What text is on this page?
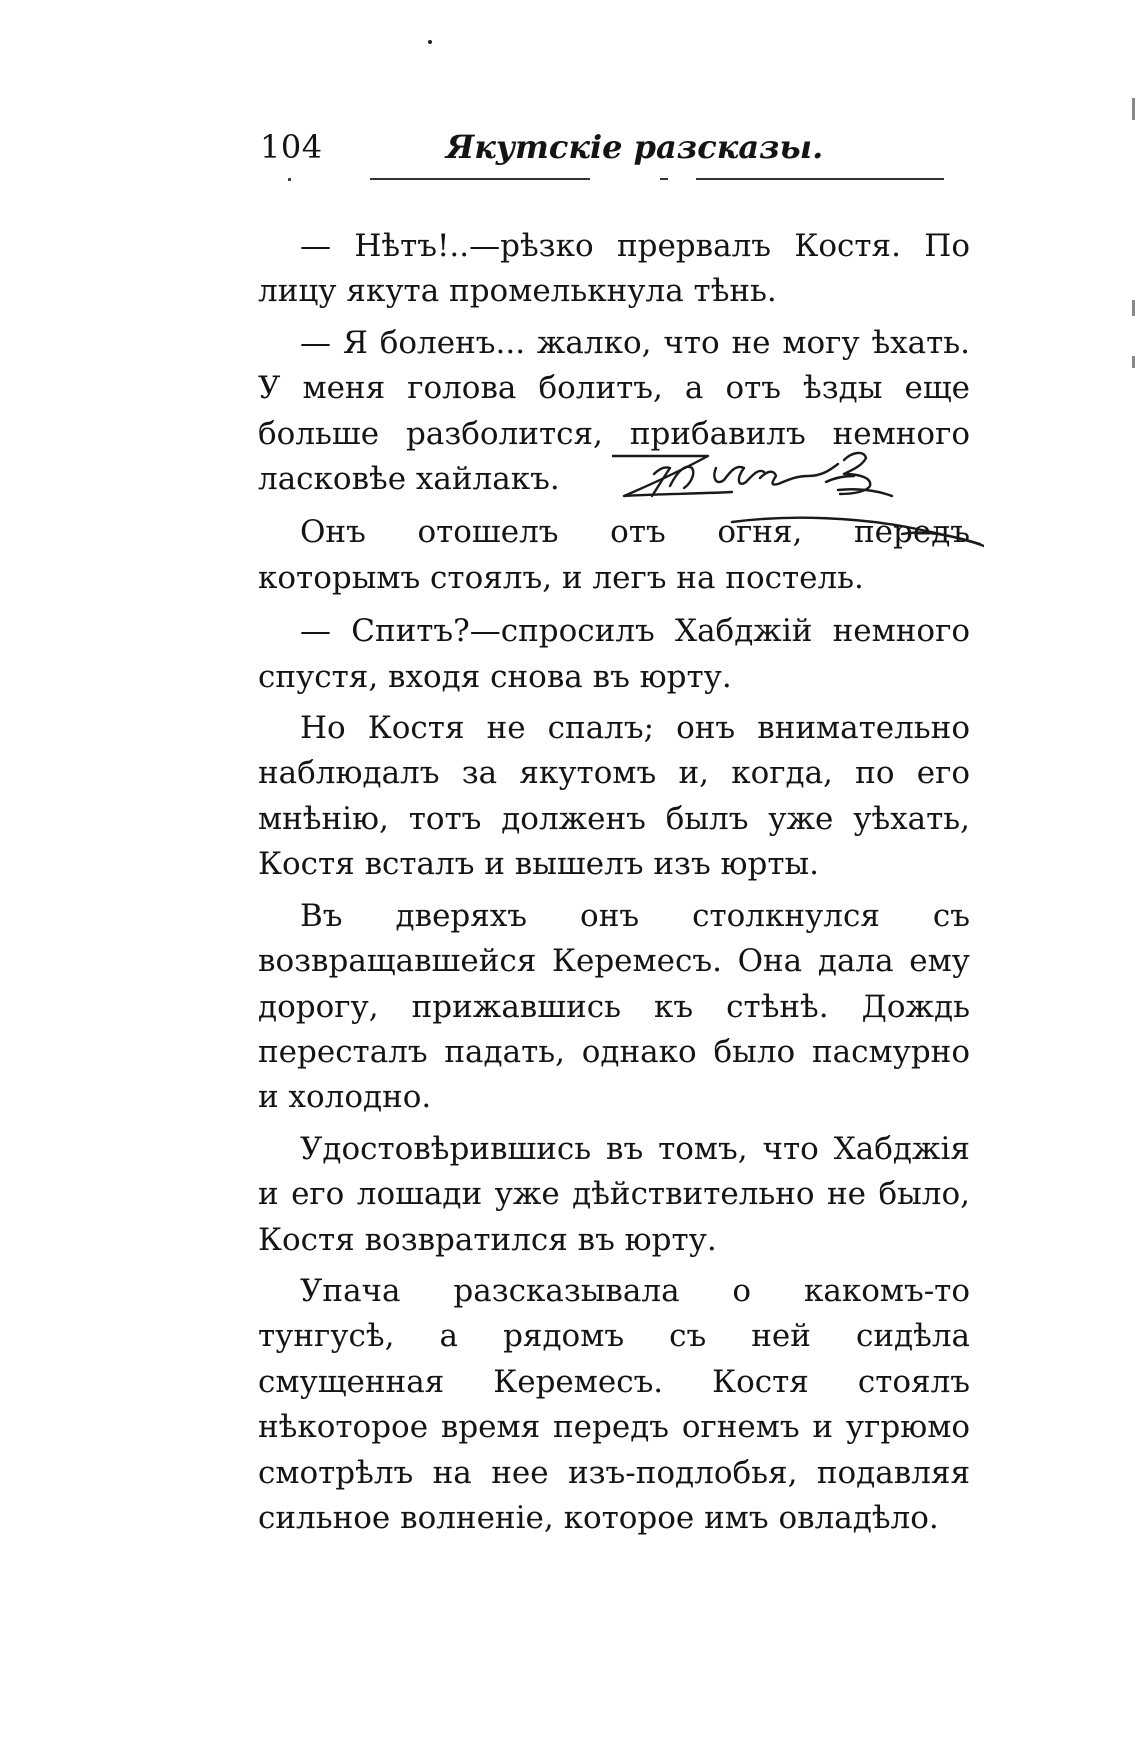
104	Якутскіе разсказы.

— Нѣтъ!..—рѣзко прервалъ Костя. По лицу якута промелькнула тѣнь.

— Я боленъ... жалко, что не могу ѣхать. У меня голова болитъ, а отъ ѣзды еще больше разболится, прибавилъ немного ласковѣе хайлакъ.

Онъ отошелъ отъ огня, передъ которымъ стоялъ, и легъ на постель.

— Спитъ?—спросилъ Хабджій немного спустя, входя снова въ юрту.

Но Костя не спалъ; онъ внимательно наблюдалъ за якутомъ и, когда, по его мнѣнію, тотъ долженъ былъ уже уѣхать, Костя всталъ и вышелъ изъ юрты.

Въ дверяхъ онъ столкнулся съ возвращавшейся Керемесъ. Она дала ему дорогу, прижавшись къ стѣнѣ. Дождь пересталъ падать, однако было пасмурно и холодно.

Удостовѣрившись въ томъ, что Хабджія и его лошади уже дѣйствительно не было, Костя возвратился въ юрту.

Упача разсказывала о какомъ-то тунгусѣ, а рядомъ съ ней сидѣла смущенная Керемесъ. Костя стоялъ нѣкоторое время передъ огнемъ и угрюмо смотрѣлъ на нее изъ-подлобья, подавляя сильное волненіе, которое имъ овладѣло.
